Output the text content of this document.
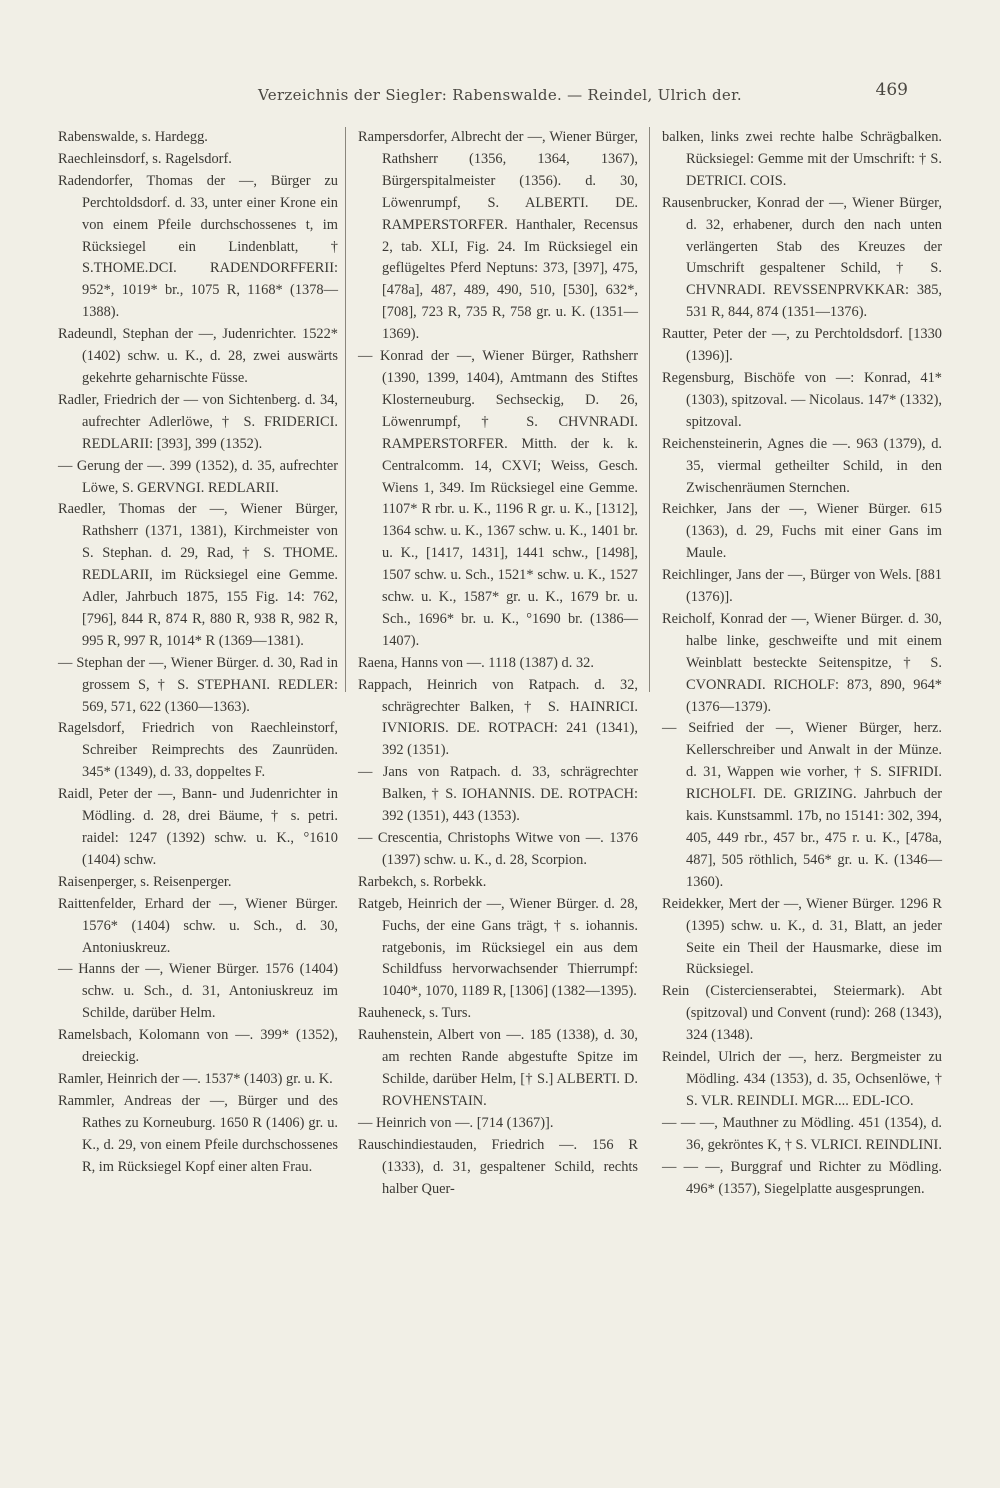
Verzeichnis der Siegler: Rabenswalde. — Reindel, Ulrich der.	469

Rabenswalde, s. Hardegg.

Raechleinsdorf, s. Ragelsdorf.

Radendorfer, Thomas der —, Bürger zu Perchtoldsdorf. d. 33, unter einer Krone ein von einem Pfeile durchschossenes t, im Rücksiegel ein Lindenblatt, † S.THOME.DCI. RADENDORFFERII: 952*, 1019* br., 1075 R, 1168* (1378—1388).

Radeundl, Stephan der —, Judenrichter. 1522* (1402) schw. u. K., d. 28, zwei auswärts gekehrte geharnischte Füsse.

Radler, Friedrich der — von Sichtenberg. d. 34, aufrechter Adlerlöwe, † S. FRIDERICI. REDLARII: [393], 399 (1352).

— Gerung der —. 399 (1352), d. 35, aufrechter Löwe, S. GERVNGI. REDLARII.

Raedler, Thomas der —, Wiener Bürger, Rathsherr (1371, 1381), Kirchmeister von S. Stephan. d. 29, Rad, † S. THOME. REDLARII, im Rücksiegel eine Gemme. Adler, Jahrbuch 1875, 155 Fig. 14: 762, [796], 844 R, 874 R, 880 R, 938 R, 982 R, 995 R, 997 R, 1014* R (1369—1381).

— Stephan der —, Wiener Bürger. d. 30, Rad in grossem S, † S. STEPHANI. REDLER: 569, 571, 622 (1360—1363).

Ragelsdorf, Friedrich von Raechleinstorf, Schreiber Reimprechts des Zaunrüden. 345* (1349), d. 33, doppeltes F.

Raidl, Peter der —, Bann- und Judenrichter in Mödling. d. 28, drei Bäume, † s. petri. raidel: 1247 (1392) schw. u. K., °1610 (1404) schw.

Raisenperger, s. Reisenperger.

Raittenfelder, Erhard der —, Wiener Bürger. 1576* (1404) schw. u. Sch., d. 30, Antoniuskreuz.

— Hanns der —, Wiener Bürger. 1576 (1404) schw. u. Sch., d. 31, Antoniuskreuz im Schilde, darüber Helm.

Ramelsbach, Kolomann von —. 399* (1352), dreieckig.

Ramler, Heinrich der —. 1537* (1403) gr. u. K.

Rammler, Andreas der —, Bürger und des Rathes zu Korneuburg. 1650 R (1406) gr. u. K., d. 29, von einem Pfeile durchschossenes R, im Rücksiegel Kopf einer alten Frau.

Rampersdorfer, Albrecht der —, Wiener Bürger, Rathsherr (1356, 1364, 1367), Bürgerspitalmeister (1356). d. 30, Löwenrumpf, S. ALBERTI. DE. RAMPERSTORFER. Hanthaler, Recensus 2, tab. XLI, Fig. 24. Im Rücksiegel ein geflügeltes Pferd Neptuns: 373, [397], 475, [478a], 487, 489, 490, 510, [530], 632*, [708], 723 R, 735 R, 758 gr. u. K. (1351—1369).

— Konrad der —, Wiener Bürger, Rathsherr (1390, 1399, 1404), Amtmann des Stiftes Klosterneuburg. Sechseckig, D. 26, Löwenrumpf, † S. CHVNRADI. RAMPERSTORFER. Mitth. der k. k. Centralcomm. 14, CXVI; Weiss, Gesch. Wiens 1, 349. Im Rücksiegel eine Gemme. 1107* R rbr. u. K., 1196 R gr. u. K., [1312], 1364 schw. u. K., 1367 schw. u. K., 1401 br. u. K., [1417, 1431], 1441 schw., [1498], 1507 schw. u. Sch., 1521* schw. u. K., 1527 schw. u. K., 1587* gr. u. K., 1679 br. u. Sch., 1696* br. u. K., °1690 br. (1386—1407).

Raena, Hanns von —. 1118 (1387) d. 32.

Rappach, Heinrich von Ratpach. d. 32, schrägrechter Balken, † S. HAINRICI. IVNIORIS. DE. ROTPACH: 241 (1341), 392 (1351).

— Jans von Ratpach. d. 33, schrägrechter Balken, † S. IOHANNIS. DE. ROTPACH: 392 (1351), 443 (1353).

— Crescentia, Christophs Witwe von —. 1376 (1397) schw. u. K., d. 28, Scorpion.

Rarbekch, s. Rorbekk.

Ratgeb, Heinrich der —, Wiener Bürger. d. 28, Fuchs, der eine Gans trägt, † s. iohannis. ratgebonis, im Rücksiegel ein aus dem Schildfuss hervorwachsender Thierrumpf: 1040*, 1070, 1189 R, [1306] (1382—1395).

Rauheneck, s. Turs.

Rauhenstein, Albert von —. 185 (1338), d. 30, am rechten Rande abgestufte Spitze im Schilde, darüber Helm, [† S.] ALBERTI. D. ROVHENSTAIN.

— Heinrich von —. [714 (1367)].

Rauschindiestauden, Friedrich —. 156 R (1333), d. 31, gespaltener Schild, rechts halber Quer-

balken, links zwei rechte halbe Schrägbalken. Rücksiegel: Gemme mit der Umschrift: † S. DETRICI. COIS.

Rausenbrucker, Konrad der —, Wiener Bürger, d. 32, erhabener, durch den nach unten verlängerten Stab des Kreuzes der Umschrift gespaltener Schild, † S. CHVNRADI. REVSSENPRVKKAR: 385, 531 R, 844, 874 (1351—1376).

Rautter, Peter der —, zu Perchtoldsdorf. [1330 (1396)].

Regensburg, Bischöfe von —: Konrad, 41* (1303), spitzoval. — Nicolaus. 147* (1332), spitzoval.

Reichensteinerin, Agnes die —. 963 (1379), d. 35, viermal getheilter Schild, in den Zwischenräumen Sternchen.

Reichker, Jans der —, Wiener Bürger. 615 (1363), d. 29, Fuchs mit einer Gans im Maule.

Reichlinger, Jans der —, Bürger von Wels. [881 (1376)].

Reicholf, Konrad der —, Wiener Bürger. d. 30, halbe linke, geschweifte und mit einem Weinblatt besteckte Seitenspitze, † S. CVONRADI. RICHOLF: 873, 890, 964* (1376—1379).

— Seifried der —, Wiener Bürger, herz. Kellerschreiber und Anwalt in der Münze. d. 31, Wappen wie vorher, † S. SIFRIDI. RICHOLFI. DE. GRIZING. Jahrbuch der kais. Kunstsamml. 17b, no 15141: 302, 394, 405, 449 rbr., 457 br., 475 r. u. K., [478a, 487], 505 röthlich, 546* gr. u. K. (1346—1360).

Reidekker, Mert der —, Wiener Bürger. 1296 R (1395) schw. u. K., d. 31, Blatt, an jeder Seite ein Theil der Hausmarke, diese im Rücksiegel.

Rein (Cistercienserabtei, Steiermark). Abt (spitzoval) und Convent (rund): 268 (1343), 324 (1348).

Reindel, Ulrich der —, herz. Bergmeister zu Mödling. 434 (1353), d. 35, Ochsenlöwe, † S. VLR. REINDLI. MGR.... EDL-ICO.

— — —, Mauthner zu Mödling. 451 (1354), d. 36, gekröntes K, † S. VLRICI. REINDLINI.

— — —, Burggraf und Richter zu Mödling. 496* (1357), Siegelplatte ausgesprungen.
